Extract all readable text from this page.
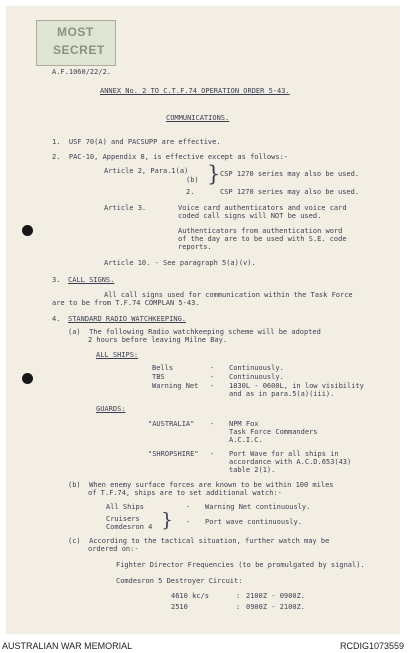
MOST
SECRET
A.F.1060/22/2.
ANNEX No. 2 TO C.T.F.74 OPERATION ORDER 5-43.
COMMUNICATIONS.
1.  USF 70(A) and PACSUPP are effective.
2.  PAC-10, Appendix 8, is effective except as follows:-
Article 2, Para.1(a)
(b) } CSP 1270 series may also be used.
2.	CSP 1270 series may also be used.
Article 3.	Voice card authenticators and voice card
coded call signs will NOT be used.
Authenticators from authentication word
of the day are to be used with S.E. code
reports.
Article 10. - See paragraph 5(a)(v).
3. CALL SIGNS.
All call signs used for communication within the Task Force
are to be from T.F.74 COMPLAN 5-43.
4. STANDARD RADIO WATCHKEEPING.
(a)  The following Radio watchkeeping scheme will be adopted
2 hours before leaving Milne Bay.
ALL SHIPS:
Bells	- Continuously.
TBS	- Continuously.
Warning Net - 1830L - 0600L, in low visibility
and as in para.5(a)(iii).
GUARDS:
"AUSTRALIA" - NPM Fox
Task Force Commanders
A.C.I.C.
"SHROPSHIRE" - Port Wave for all ships in
accordance with A.C.D.653(43)
table 2(1).
(b)  When enemy surface forces are known to be within 100 miles
of T.F.74, ships are to set additional watch:-
All Ships	- Warning Net continuously.
Cruisers
Comdesron 4 } - Port wave continuously.
(c)  According to the tactical situation, further watch may be
ordered on:-
Fighter Director Frequencies (to be promulgated by signal).
Comdesron 5 Destroyer Circuit:
4610 kc/s	: 2100Z - 0900Z.
2510	: 0900Z - 2100Z.
AUSTRALIAN WAR MEMORIAL	RCDIG1073559
